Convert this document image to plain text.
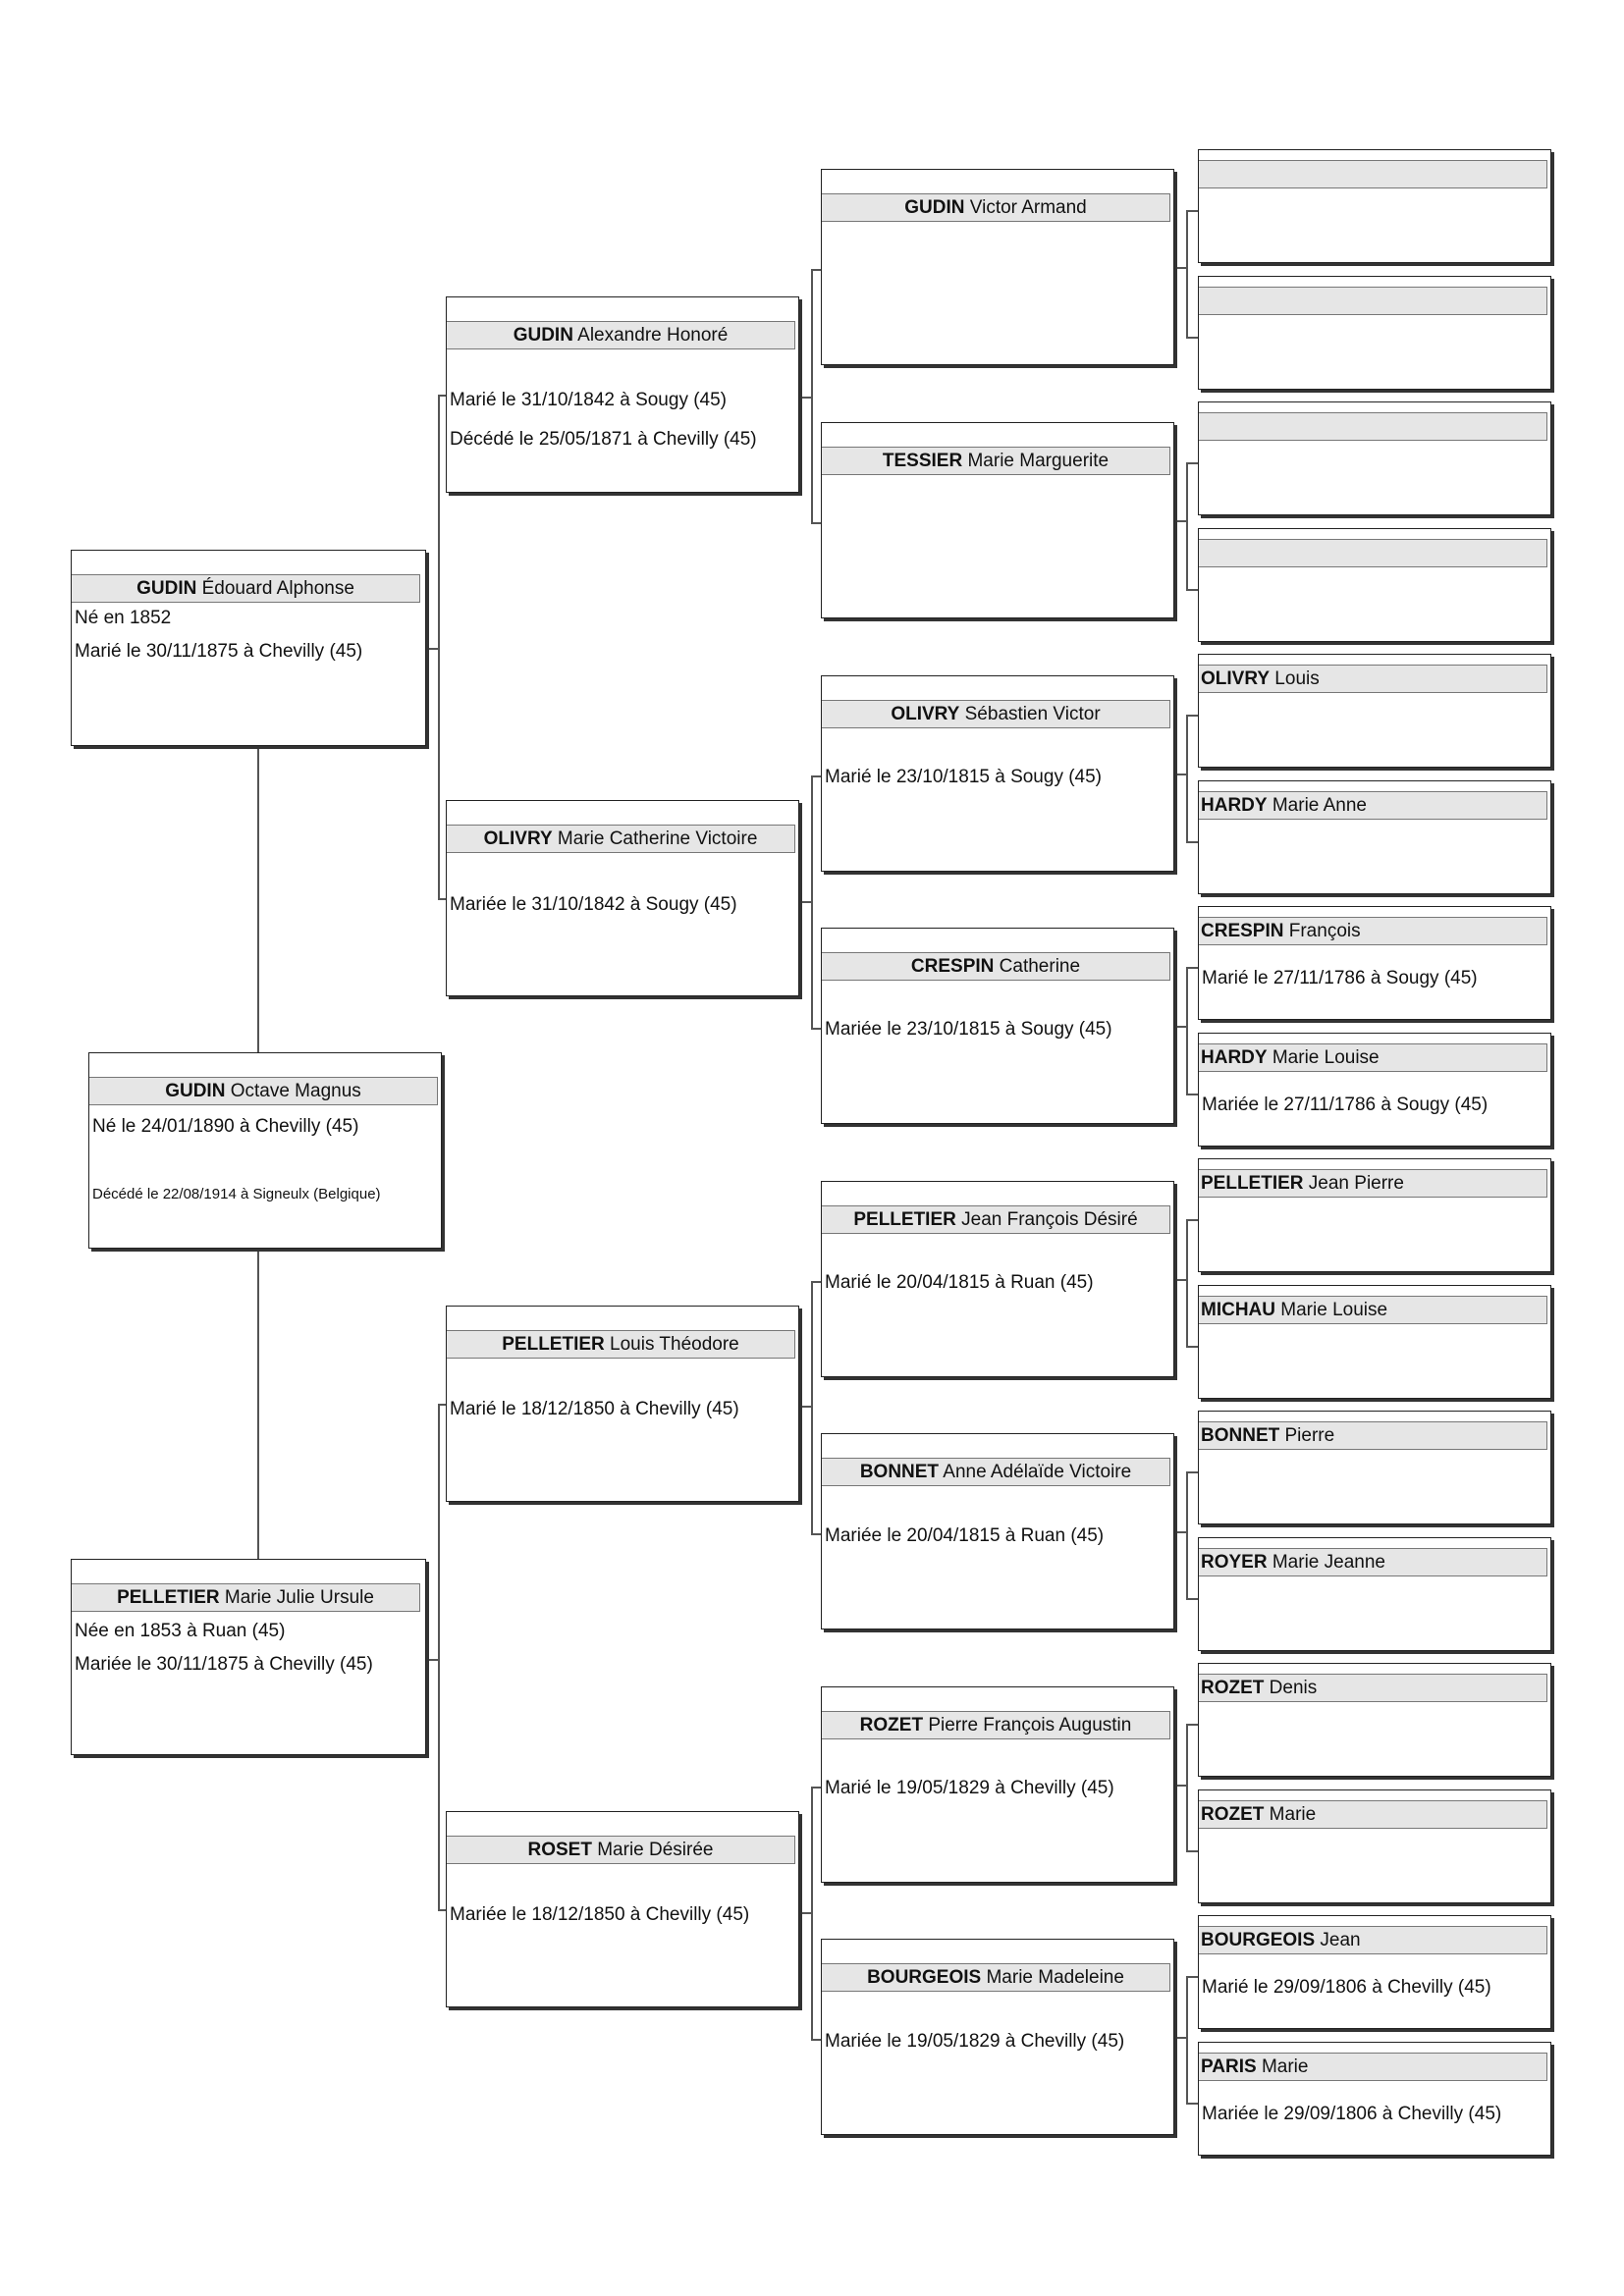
GUDIN Octave Magnus
Né le 24/01/1890 à Chevilly (45)
Décédé le 22/08/1914 à Signeulx (Belgique)
GUDIN Édouard Alphonse
Né en 1852
Marié le 30/11/1875 à Chevilly (45)
PELLETIER Marie Julie Ursule
Née en 1853 à Ruan (45)
Mariée le 30/11/1875 à Chevilly (45)
GUDIN Alexandre Honoré
Marié le 31/10/1842 à Sougy (45)
Décédé le 25/05/1871 à Chevilly (45)
OLIVRY Marie Catherine Victoire
Mariée le 31/10/1842 à Sougy (45)
PELLETIER Louis Théodore
Marié le 18/12/1850 à Chevilly (45)
ROSET Marie Désirée
Mariée le 18/12/1850 à Chevilly (45)
GUDIN Victor Armand
TESSIER Marie Marguerite
OLIVRY Sébastien Victor
Marié le 23/10/1815 à Sougy (45)
CRESPIN Catherine
Mariée le 23/10/1815 à Sougy (45)
PELLETIER Jean François Désiré
Marié le 20/04/1815 à Ruan (45)
BONNET Anne Adélaïde Victoire
Mariée le 20/04/1815 à Ruan (45)
ROZET Pierre François Augustin
Marié le 19/05/1829 à Chevilly (45)
BOURGEOIS Marie Madeleine
Mariée le 19/05/1829 à Chevilly (45)
OLIVRY Louis
HARDY Marie Anne
CRESPIN François
Marié le 27/11/1786 à Sougy (45)
HARDY Marie Louise
Mariée le 27/11/1786 à Sougy (45)
PELLETIER Jean Pierre
MICHAU Marie Louise
BONNET Pierre
ROYER Marie Jeanne
ROZET Denis
ROZET Marie
BOURGEOIS Jean
Marié le 29/09/1806 à Chevilly (45)
PARIS Marie
Mariée le 29/09/1806 à Chevilly (45)
